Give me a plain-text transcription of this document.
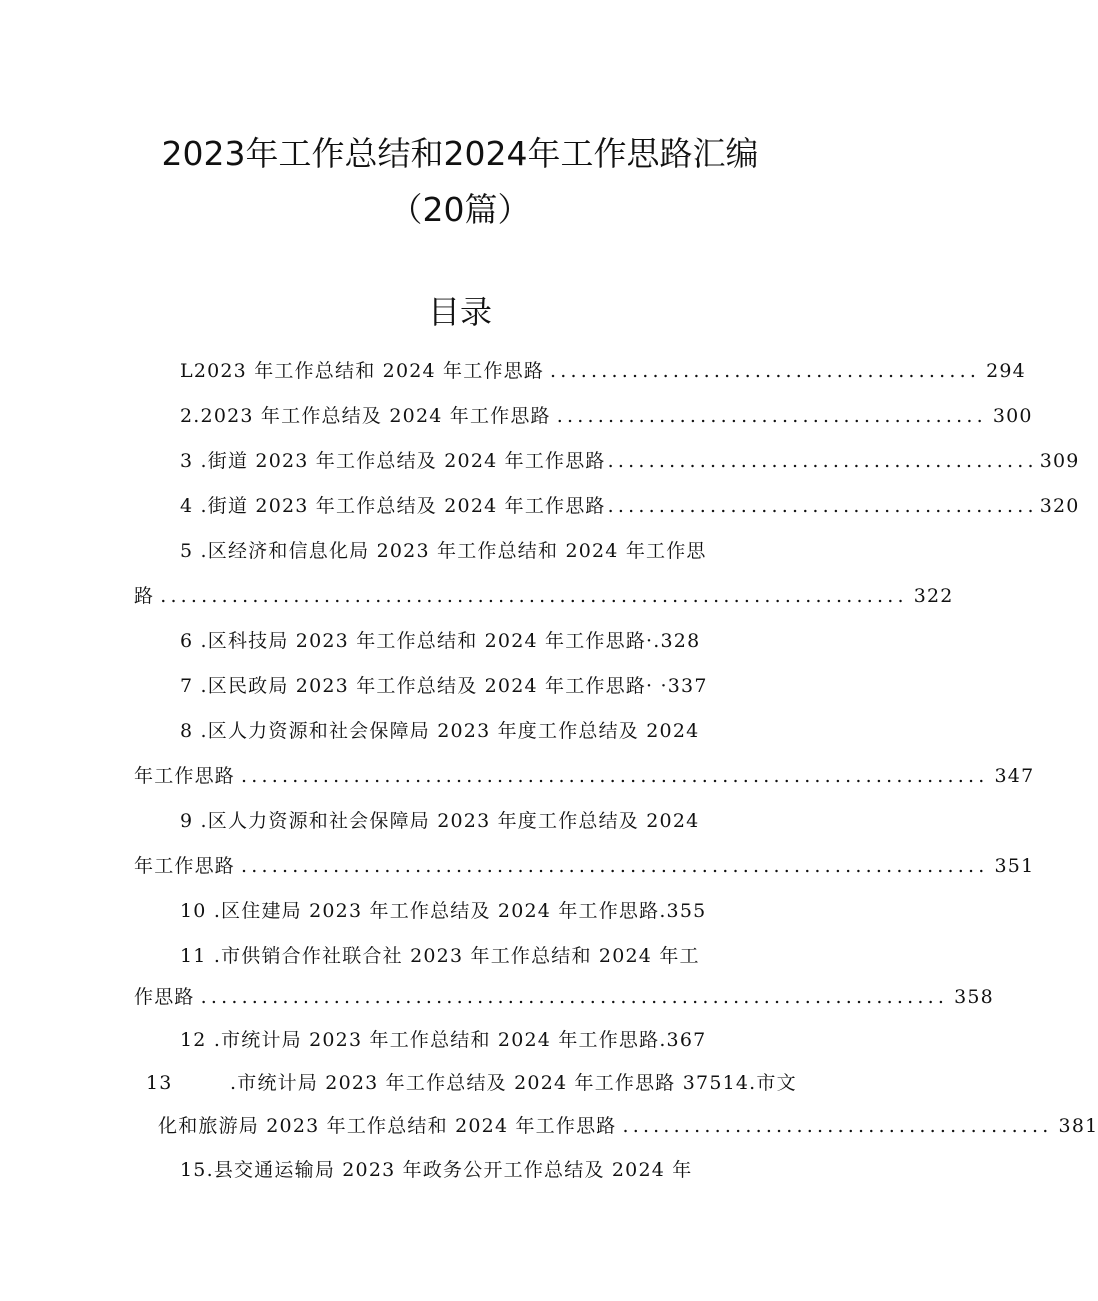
2023年工作总结和2024年工作思路汇编
（20篇）
目录
L2023 年工作总结和 2024 年工作思路 .......................................... 294
2.2023 年工作总结及 2024 年工作思路 .......................................... 300
3 .街道 2023 年工作总结及 2024 年工作思路 .......................................... 309
4 .街道 2023 年工作总结及 2024 年工作思路 .......................................... 320
5 .区经济和信息化局 2023 年工作总结和 2024 年工作思
路 ......................................................................... 322
6 .区科技局 2023 年工作总结和 2024 年工作思路·.328
7 .区民政局 2023 年工作总结及 2024 年工作思路· ·337
8 .区人力资源和社会保障局 2023 年度工作总结及 2024
年工作思路 ......................................................................... 347
9 .区人力资源和社会保障局 2023 年度工作总结及 2024
年工作思路 ......................................................................... 351
10 .区住建局 2023 年工作总结及 2024 年工作思路.355
11 .市供销合作社联合社 2023 年工作总结和 2024 年工
作思路 ......................................................................... 358
12 .市统计局 2023 年工作总结和 2024 年工作思路.367
13	.市统计局 2023 年工作总结及 2024 年工作思路 37514.市文
化和旅游局 2023 年工作总结和 2024 年工作思路 .......................................... 381
15.县交通运输局 2023 年政务公开工作总结及 2024 年
